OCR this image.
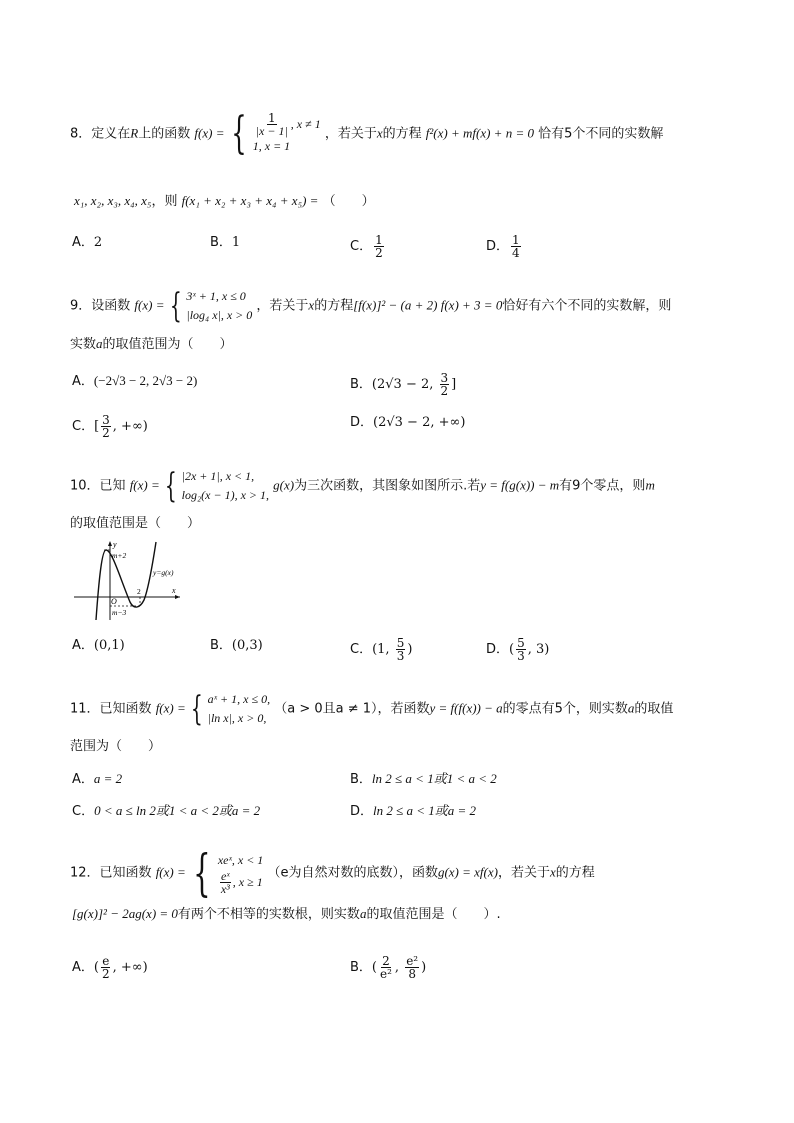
8．定义在R上的函数 f(x) = { $\frac{1}{|x - 1|}$ , x ≠ 1
1, x = 1
，若关于x的方程 f²(x) + mf(x) + n = 0 恰有5个不同的实数解
x₁, x₂, x₃, x₄, x₅，则 f(x₁ + x₂ + x₃ + x₄ + x₅) = （　　）
A．2	B．1	C． $\frac{1}{2}$	D． $\frac{1}{4}$
9．设函数 f(x) = { 3ˣ + 1, x ≤ 0
|log₄ x|, x > 0
，若关于x的方程[f(x)]² − (a + 2) f(x) + 3 = 0恰好有六个不同的实数解，则
实数a的取值范围为（　　）
A．(−2√3 − 2, 2√3 − 2)	B．(2√3 − 2, $\frac{3}{2}$ ]
C．[ $\frac{3}{2}$ , +∞)	D．(2√3 − 2, +∞)
10．已知 f(x) = { |2x + 1|, x < 1,
log₂(x − 1), x > 1,
g(x)为三次函数，其图象如图所示.若y = f(g(x)) − m有9个零点，则m
的取值范围是（　　）
y
m+2
y=g(x)
2	x
O
m−3
A．(0,1)	B．(0,3)	C．(1, $\frac{5}{3}$ )	D．( $\frac{5}{3}$ , 3)
11．已知函数 f(x) = { aˣ + 1, x ≤ 0,
|ln x|, x > 0,
（a > 0且a ≠ 1），若函数y = f(f(x)) − a的零点有5个，则实数a的取值
范围为（　　）
A．a = 2	B．ln 2 ≤ a < 1或1 < a < 2
C．0 < a ≤ ln 2或1 < a < 2或a = 2	D．ln 2 ≤ a < 1或a = 2
12．已知函数 f(x) = { xeˣ, x < 1
$\frac{\text{eˣ}}{\text{x³}}$ , x ≥ 1
（e为自然对数的底数），函数g(x) = xf(x)，若关于x的方程
[g(x)]² − 2ag(x) = 0有两个不相等的实数根，则实数a的取值范围是（　　）.
A．( $\frac{e}{2}$ , +∞)	B．( $\frac{2}{\text{e²}}$ , $\frac{\text{e²}}{8}$ )
